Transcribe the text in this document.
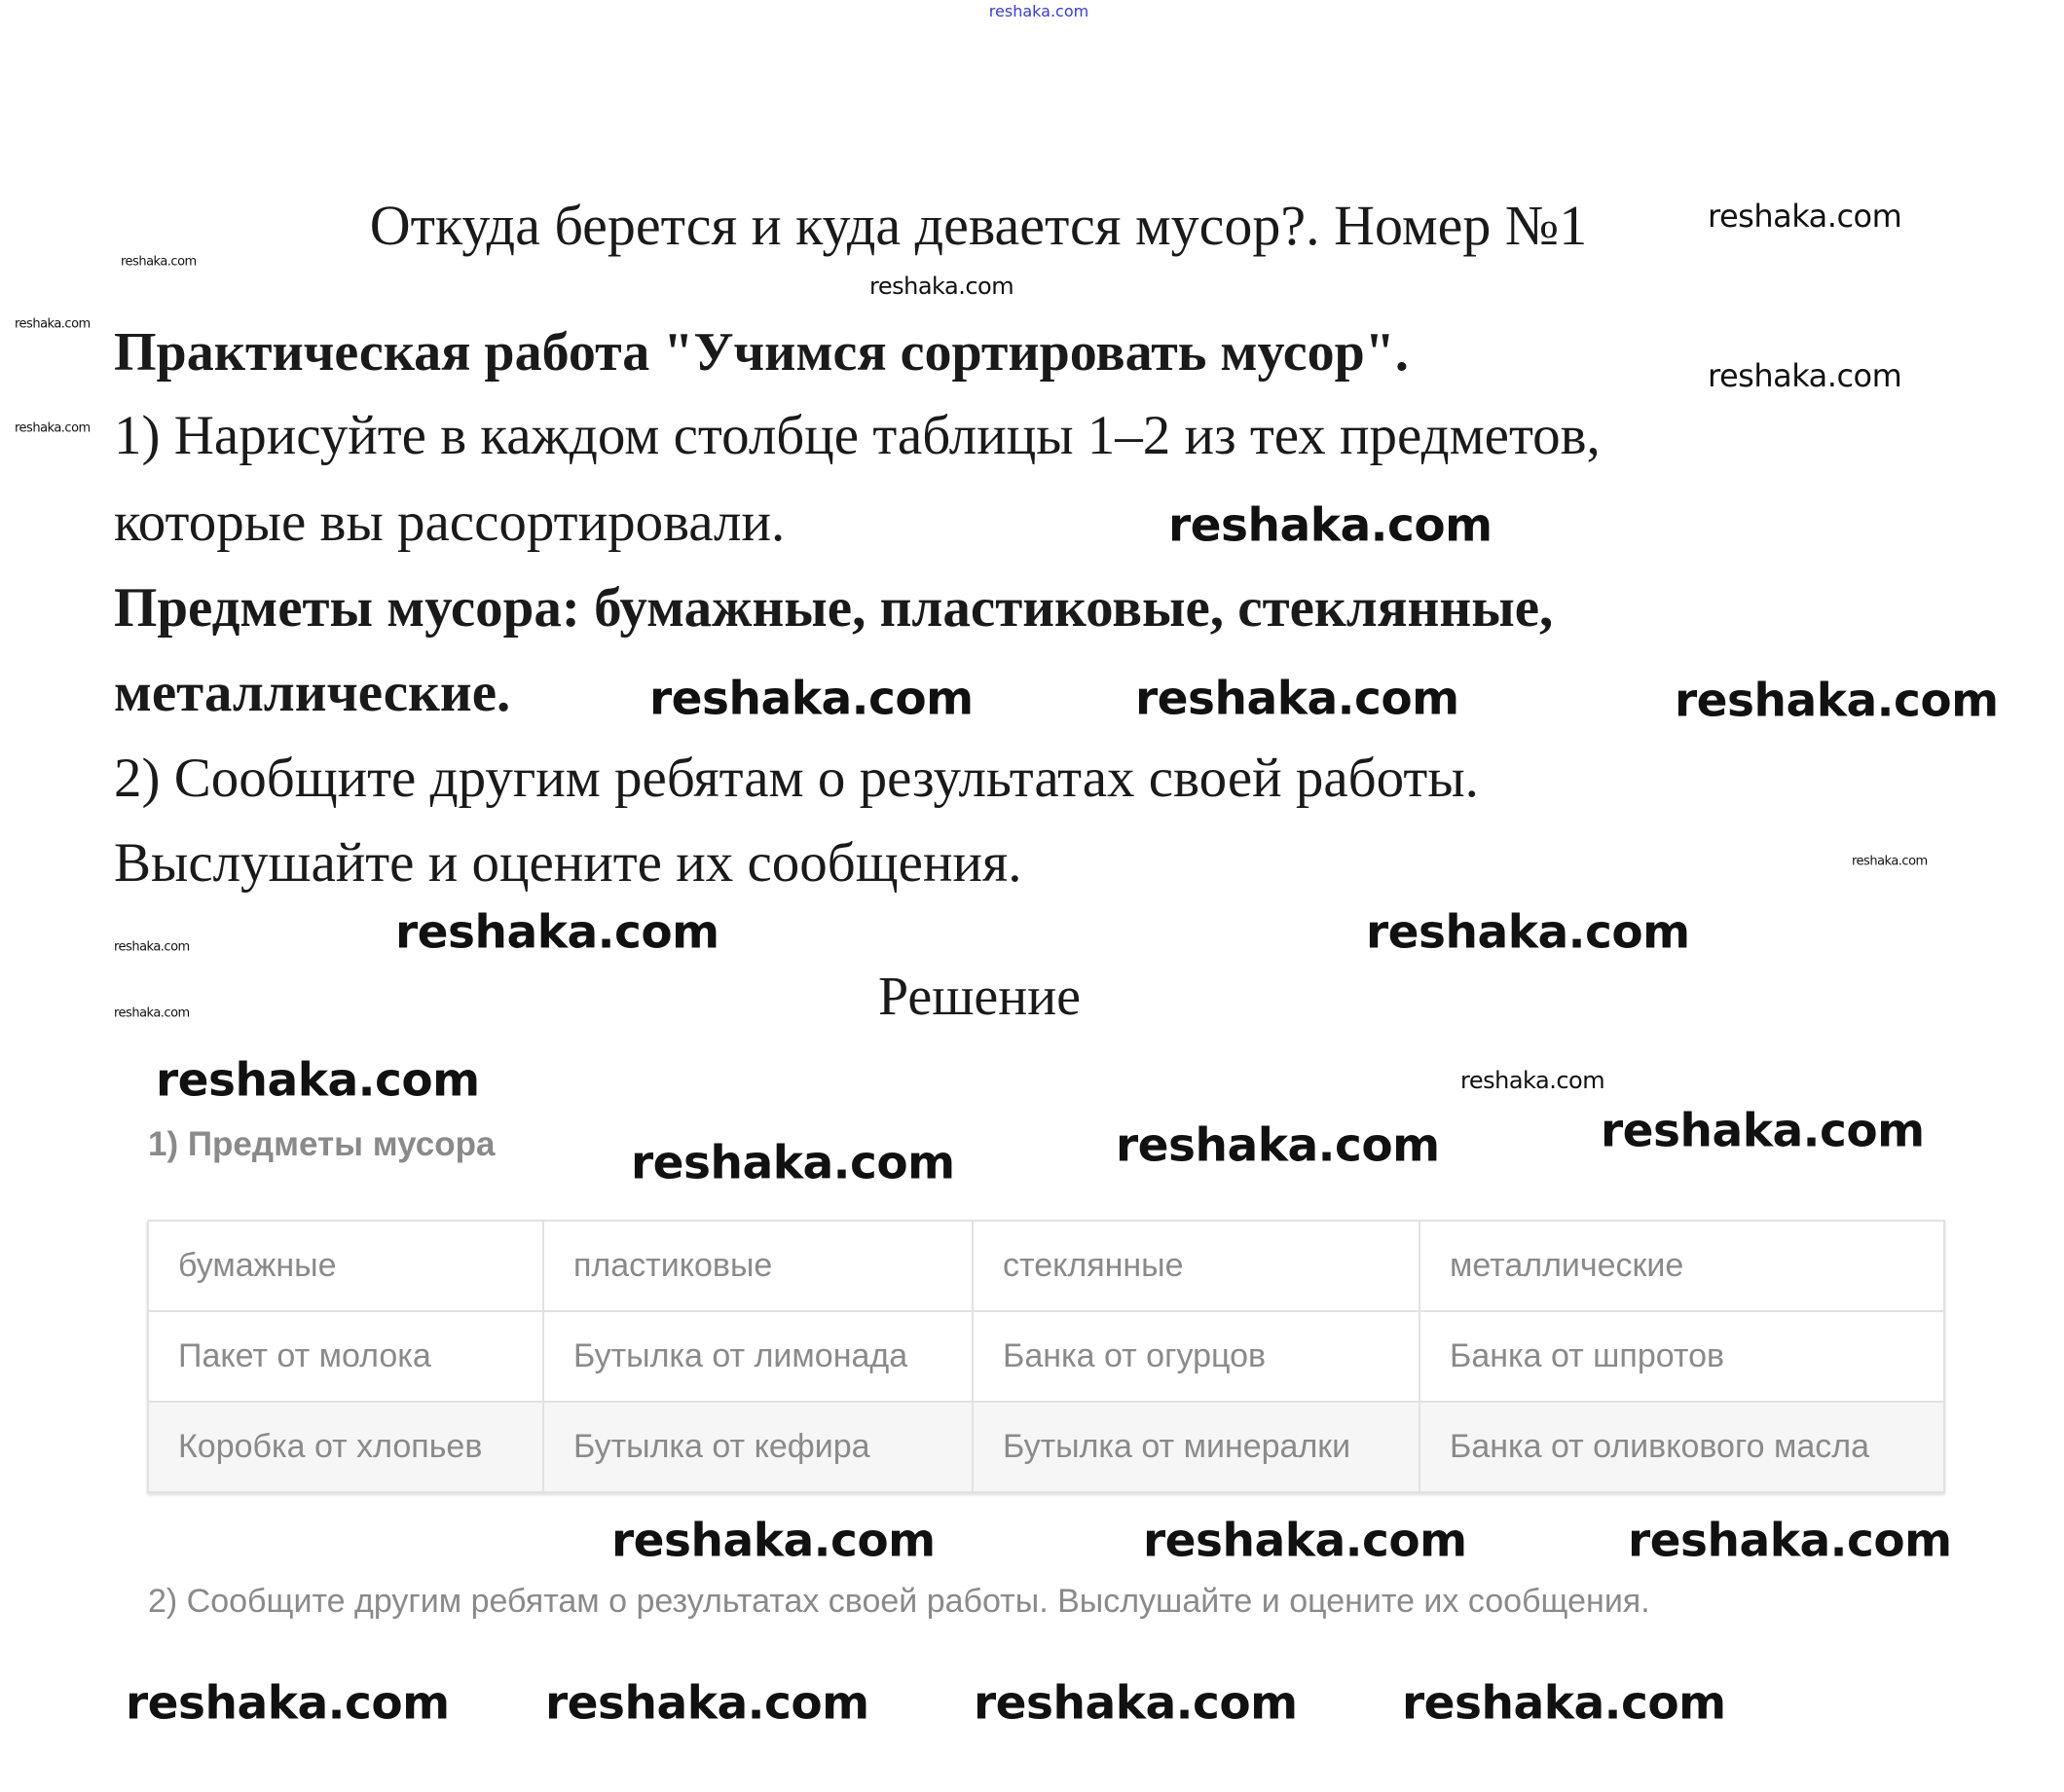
reshaka.com
Откуда берется и куда девается мусор?. Номер №1
Практическая работа "Учимся сортировать мусор".
1) Нарисуйте в каждом столбце таблицы 1–2 из тех предметов,
которые вы рассортировали.
Предметы мусора: бумажные, пластиковые, стеклянные,
металлические.
2) Сообщите другим ребятам о результатах своей работы.
Выслушайте и оцените их сообщения.
Решение
1) Предметы мусора
бумажные	пластиковые	стеклянные	металлические
Пакет от молока	Бутылка от лимонада	Банка от огурцов	Банка от шпротов
Коробка от хлопьев	Бутылка от кефира	Бутылка от минералки	Банка от оливкового масла
2) Сообщите другим ребятам о результатах своей работы. Выслушайте и оцените их сообщения.
reshaka.com
reshaka.com
reshaka.com	reshaka.com
reshaka.com	reshaka.com
reshaka.com	reshaka.com	reshaka.com
reshaka.com
reshaka.com	reshaka.com	reshaka.com
reshaka.com reshaka.com reshaka.com reshaka.com
reshaka.com
reshaka.com
reshaka.com
reshaka.com
reshaka.com
reshaka.com
reshaka.com
reshaka.com
reshaka.com
reshaka.com
